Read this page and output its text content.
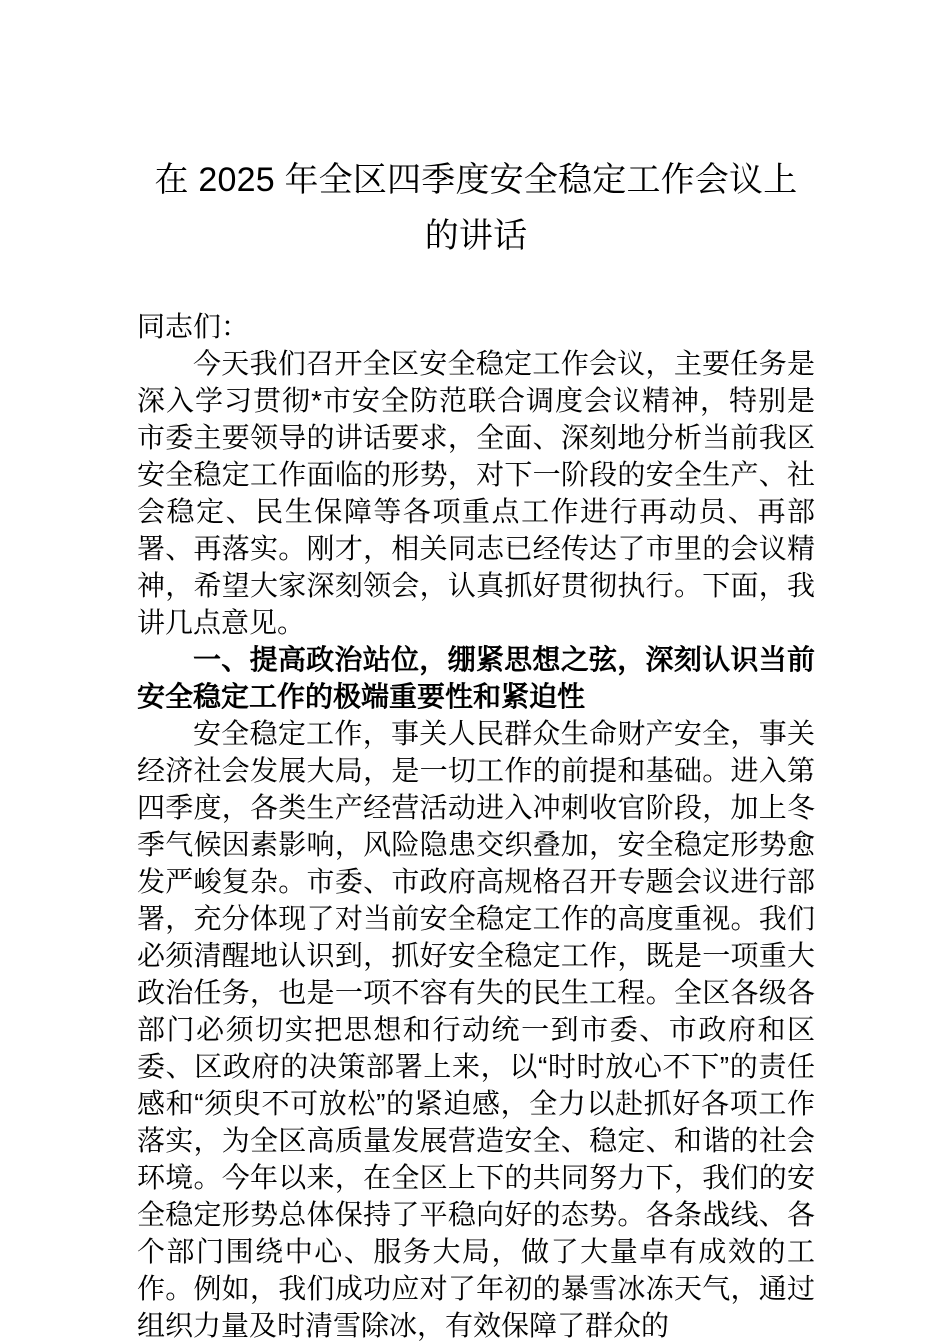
在 2025 年全区四季度安全稳定工作会议上
的讲话

同志们：

今天我们召开全区安全稳定工作会议，主要任务是深入学习贯彻*市安全防范联合调度会议精神，特别是市委主要领导的讲话要求，全面、深刻地分析当前我区安全稳定工作面临的形势，对下一阶段的安全生产、社会稳定、民生保障等各项重点工作进行再动员、再部署、再落实。刚才，相关同志已经传达了市里的会议精神，希望大家深刻领会，认真抓好贯彻执行。下面，我讲几点意见。

一、提高政治站位，绷紧思想之弦，深刻认识当前安全稳定工作的极端重要性和紧迫性

安全稳定工作，事关人民群众生命财产安全，事关经济社会发展大局，是一切工作的前提和基础。进入第四季度，各类生产经营活动进入冲刺收官阶段，加上冬季气候因素影响，风险隐患交织叠加，安全稳定形势愈发严峻复杂。市委、市政府高规格召开专题会议进行部署，充分体现了对当前安全稳定工作的高度重视。我们必须清醒地认识到，抓好安全稳定工作，既是一项重大政治任务，也是一项不容有失的民生工程。全区各级各部门必须切实把思想和行动统一到市委、市政府和区委、区政府的决策部署上来，以“时时放心不下”的责任感和“须臾不可放松”的紧迫感，全力以赴抓好各项工作落实，为全区高质量发展营造安全、稳定、和谐的社会环境。今年以来，在全区上下的共同努力下，我们的安全稳定形势总体保持了平稳向好的态势。各条战线、各个部门围绕中心、服务大局，做了大量卓有成效的工作。例如，我们成功应对了年初的暴雪冰冻天气，通过组织力量及时清雪除冰，有效保障了群众的
